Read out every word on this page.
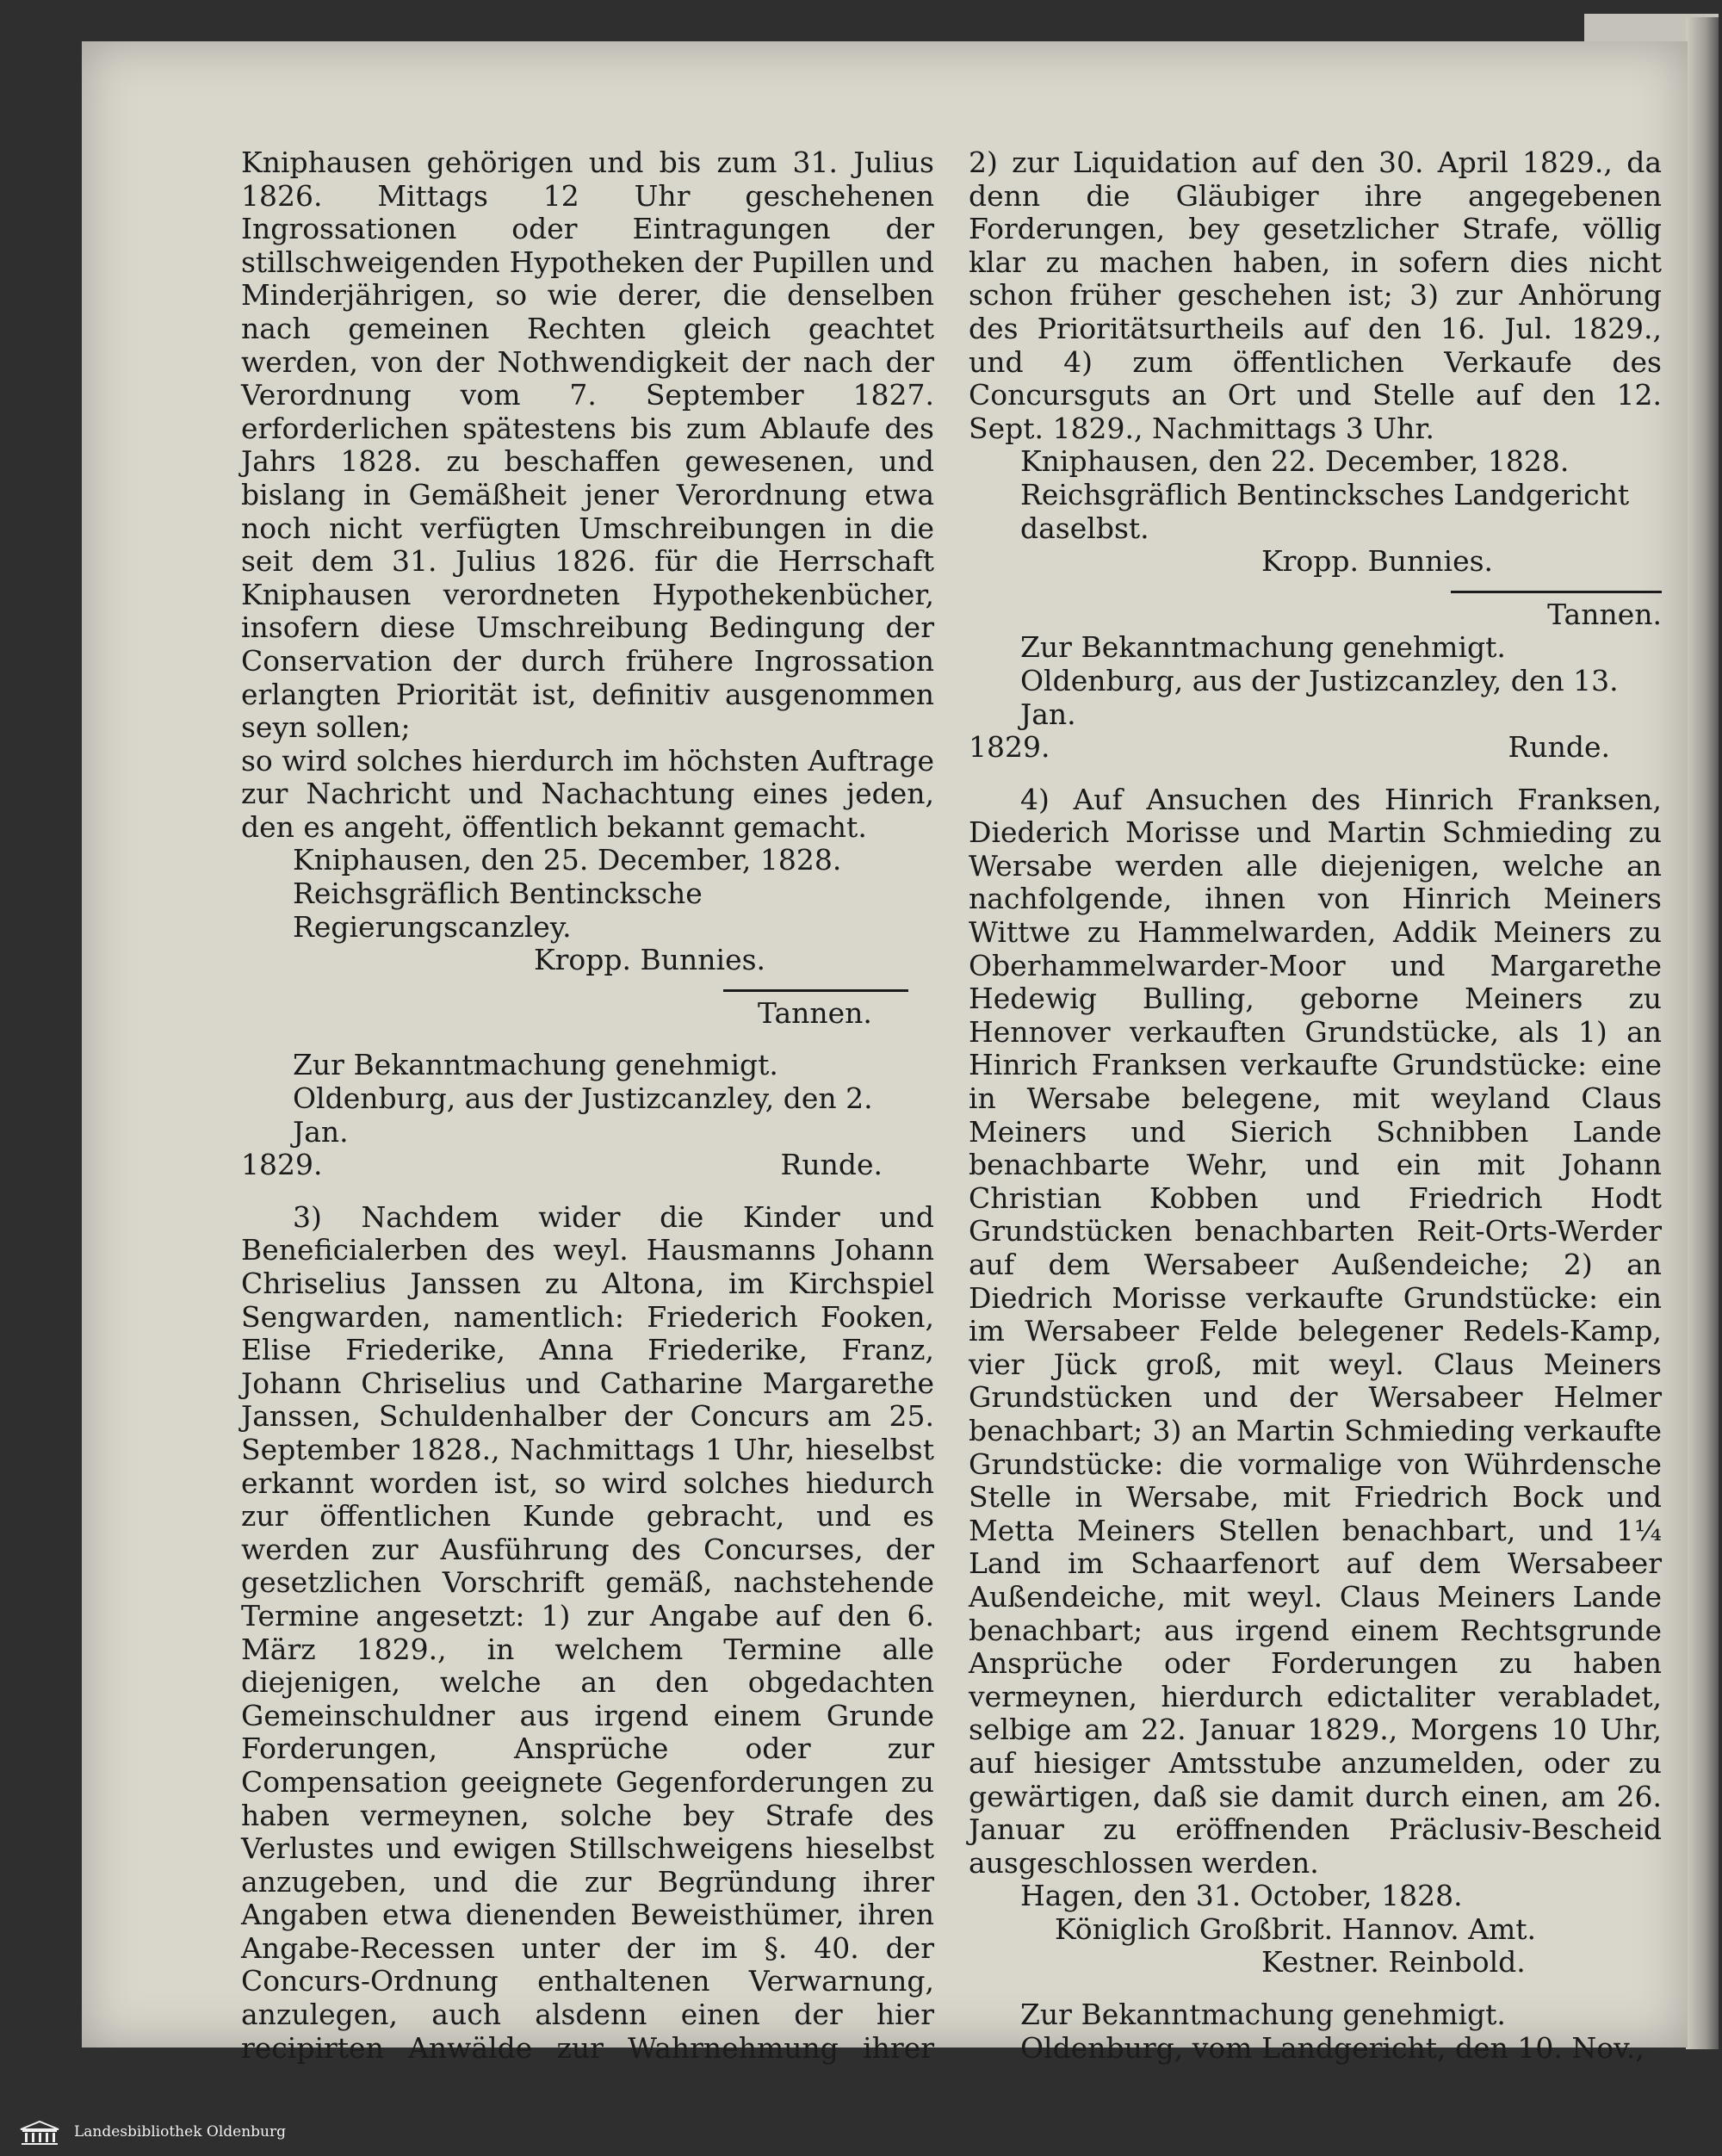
Kniphausen gehörigen und bis zum 31. Julius 1826. Mittags 12 Uhr geschehenen Ingrossationen oder Eintragungen der stillschweigenden Hypotheken der Pupillen und Minderjährigen, so wie derer, die denselben nach gemeinen Rechten gleich geachtet werden, von der Nothwendigkeit der nach der Verordnung vom 7. September 1827. erforderlichen spätestens bis zum Ablaufe des Jahrs 1828. zu beschaffen gewesenen, und bislang in Gemäßheit jener Verordnung etwa noch nicht verfügten Umschreibungen in die seit dem 31. Julius 1826. für die Herrschaft Kniphausen verordneten Hypothekenbücher, insofern diese Umschreibung Bedingung der Conservation der durch frühere Ingrossation erlangten Priorität ist, definitiv ausgenommen seyn sollen;

so wird solches hierdurch im höchsten Auftrage zur Nachricht und Nachachtung eines jeden, den es angeht, öffentlich bekannt gemacht.

Kniphausen, den 25. December, 1828.

Reichsgräflich Bentincksche Regierungscanzley.

Kropp. Bunnies.

Tannen.

Zur Bekanntmachung genehmigt.

Oldenburg, aus der Justizcanzley, den 2. Jan.

1829.	Runde.

3) Nachdem wider die Kinder und Beneficialerben des weyl. Hausmanns Johann Chriselius Janssen zu Altona, im Kirchspiel Sengwarden, namentlich: Friederich Fooken, Elise Friederike, Anna Friederike, Franz, Johann Chriselius und Catharine Margarethe Janssen, Schuldenhalber der Concurs am 25. September 1828., Nachmittags 1 Uhr, hieselbst erkannt worden ist, so wird solches hiedurch zur öffentlichen Kunde gebracht, und es werden zur Ausführung des Concurses, der gesetzlichen Vorschrift gemäß, nachstehende Termine angesetzt: 1) zur Angabe auf den 6. März 1829., in welchem Termine alle diejenigen, welche an den obgedachten Gemeinschuldner aus irgend einem Grunde Forderungen, Ansprüche oder zur Compensation geeignete Gegenforderungen zu haben vermeynen, solche bey Strafe des Verlustes und ewigen Stillschweigens hieselbst anzugeben, und die zur Begründung ihrer Angaben etwa dienenden Beweisthümer, ihren Angabe-Recessen unter der im §. 40. der Concurs-Ordnung enthaltenen Verwarnung, anzulegen, auch alsdenn einen der hier recipirten Anwälde zur Wahrnehmung ihrer

2) zur Liquidation auf den 30. April 1829., da denn die Gläubiger ihre angegebenen Forderungen, bey gesetzlicher Strafe, völlig klar zu machen haben, in sofern dies nicht schon früher geschehen ist; 3) zur Anhörung des Prioritätsurtheils auf den 16. Jul. 1829., und 4) zum öffentlichen Verkaufe des Concursguts an Ort und Stelle auf den 12. Sept. 1829., Nachmittags 3 Uhr.

Kniphausen, den 22. December, 1828.

Reichsgräflich Bentincksches Landgericht daselbst.

Kropp. Bunnies.

Tannen.

Zur Bekanntmachung genehmigt.

Oldenburg, aus der Justizcanzley, den 13. Jan.

1829.	Runde.

4) Auf Ansuchen des Hinrich Franksen, Diederich Morisse und Martin Schmieding zu Wersabe werden alle diejenigen, welche an nachfolgende, ihnen von Hinrich Meiners Wittwe zu Hammelwarden, Addik Meiners zu Oberhammelwarder-Moor und Margarethe Hedewig Bulling, geborne Meiners zu Hennover verkauften Grundstücke, als 1) an Hinrich Franksen verkaufte Grundstücke: eine in Wersabe belegene, mit weyland Claus Meiners und Sierich Schnibben Lande benachbarte Wehr, und ein mit Johann Christian Kobben und Friedrich Hodt Grundstücken benachbarten Reit-Orts-Werder auf dem Wersabeer Außendeiche; 2) an Diedrich Morisse verkaufte Grundstücke: ein im Wersabeer Felde belegener Redels-Kamp, vier Jück groß, mit weyl. Claus Meiners Grundstücken und der Wersabeer Helmer benachbart; 3) an Martin Schmieding verkaufte Grundstücke: die vormalige von Wührdensche Stelle in Wersabe, mit Friedrich Bock und Metta Meiners Stellen benachbart, und 1¼ Land im Schaarfenort auf dem Wersabeer Außendeiche, mit weyl. Claus Meiners Lande benachbart; aus irgend einem Rechtsgrunde Ansprüche oder Forderungen zu haben vermeynen, hierdurch edictaliter verabladet, selbige am 22. Januar 1829., Morgens 10 Uhr, auf hiesiger Amtsstube anzumelden, oder zu gewärtigen, daß sie damit durch einen, am 26. Januar zu eröffnenden Präclusiv-Bescheid ausgeschlossen werden.

Hagen, den 31. October, 1828.

Königlich Großbrit. Hannov. Amt.

Kestner. Reinbold.

Zur Bekanntmachung genehmigt.

Oldenburg, vom Landgericht, den 10. Nov.,

Landesbibliothek Oldenburg
